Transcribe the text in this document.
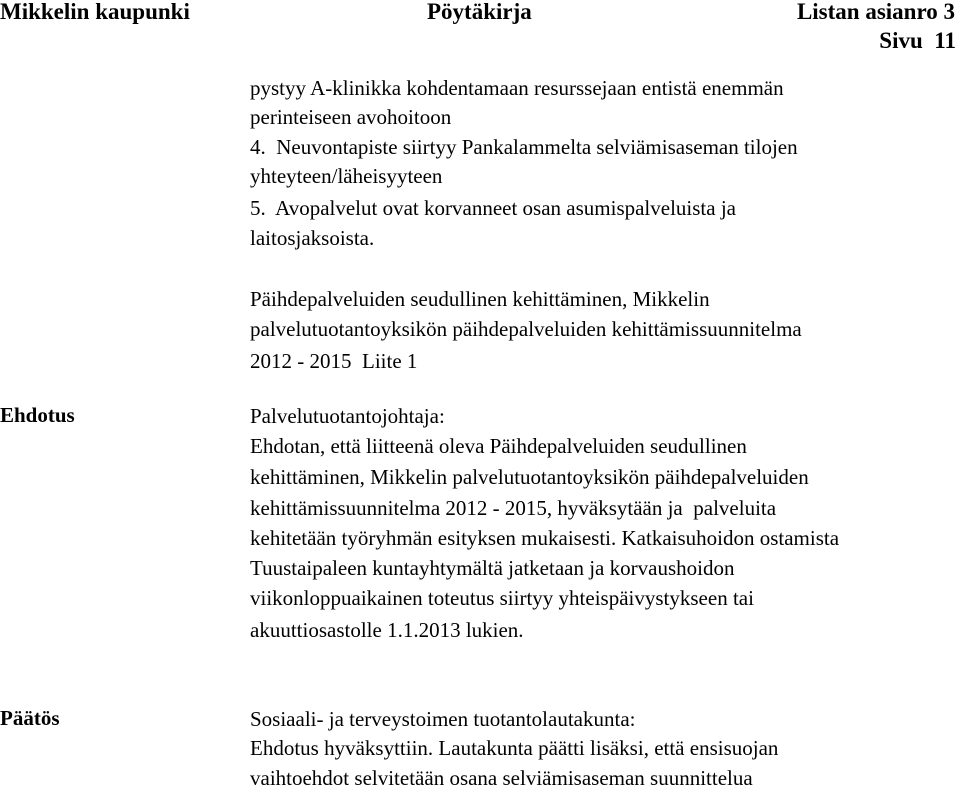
Mikkelin kaupunki	Pöytäkirja	Listan asianro 3
Sivu  11
pystyy A-klinikka kohdentamaan resurssejaan entistä enemmän
perinteiseen avohoitoon
4.  Neuvontapiste siirtyy Pankalammelta selviämisaseman tilojen
yhteyteen/läheisyyteen
5.  Avopalvelut ovat korvanneet osan asumispalveluista ja
laitosjaksoista.
Päihdepalveluiden seudullinen kehittäminen, Mikkelin
palvelutuotantoyksikön päihdepalveluiden kehittämissuunnitelma
2012 - 2015  Liite 1
Ehdotus	Palvelutuotantojohtaja:
Ehdotan, että liitteenä oleva Päihdepalveluiden seudullinen
kehittäminen, Mikkelin palvelutuotantoyksikön päihdepalveluiden
kehittämissuunnitelma 2012 - 2015, hyväksytään ja  palveluita
kehitetään työryhmän esityksen mukaisesti. Katkaisuhoidon ostamista
Tuustaipaleen kuntayhtymältä jatketaan ja korvaushoidon
viikonloppuaikainen toteutus siirtyy yhteispäivystykseen tai
akuuttiosastolle 1.1.2013 lukien.
Päätös	Sosiaali- ja terveystoimen tuotantolautakunta:
Ehdotus hyväksyttiin. Lautakunta päätti lisäksi, että ensisuojan
vaihtoehdot selvitetään osana selviämisaseman suunnittelua
